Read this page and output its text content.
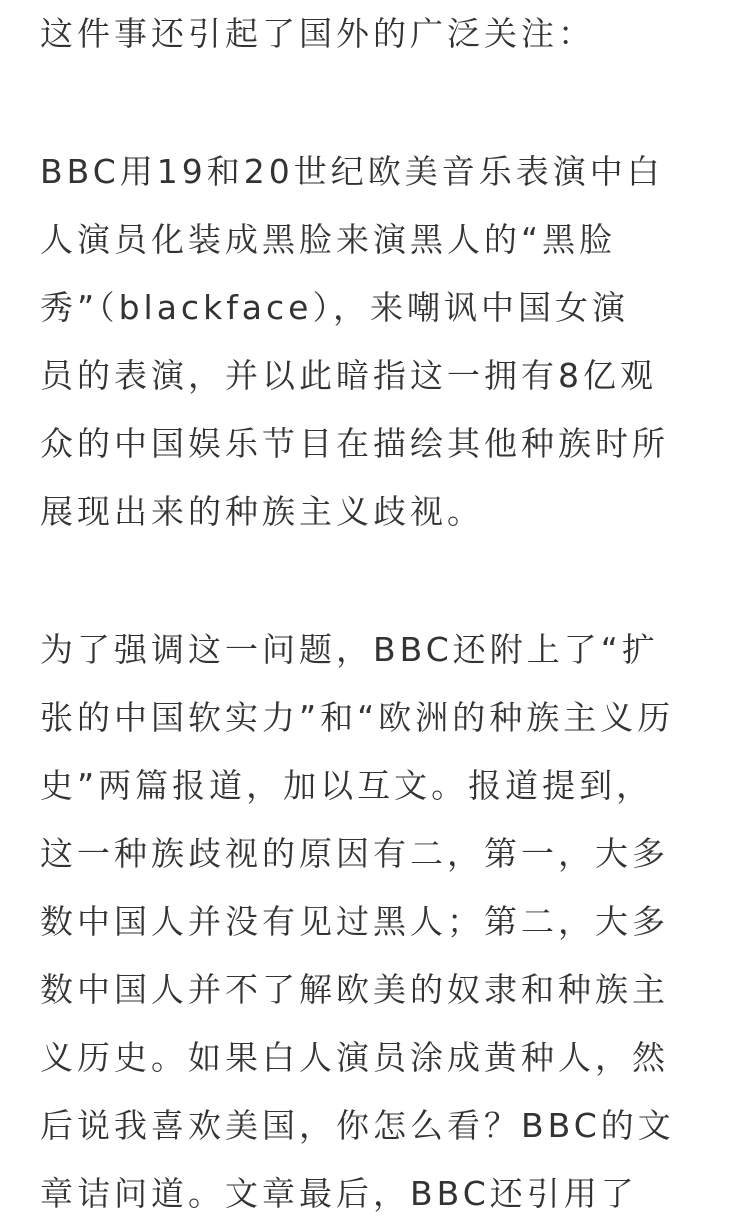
这件事还引起了国外的广泛关注：
BBC用19和20世纪欧美音乐表演中白
人演员化装成黑脸来演黑人的“黑脸
秀”（blackface），来嘲讽中国女演
员的表演，并以此暗指这一拥有8亿观
众的中国娱乐节目在描绘其他种族时所
展现出来的种族主义歧视。
为了强调这一问题，BBC还附上了“扩
张的中国软实力”和“欧洲的种族主义历
史”两篇报道，加以互文。报道提到，
这一种族歧视的原因有二，第一，大多
数中国人并没有见过黑人；第二，大多
数中国人并不了解欧美的奴隶和种族主
义历史。如果白人演员涂成黄种人，然
后说我喜欢美国，你怎么看？BBC的文
章诘问道。文章最后，BBC还引用了
